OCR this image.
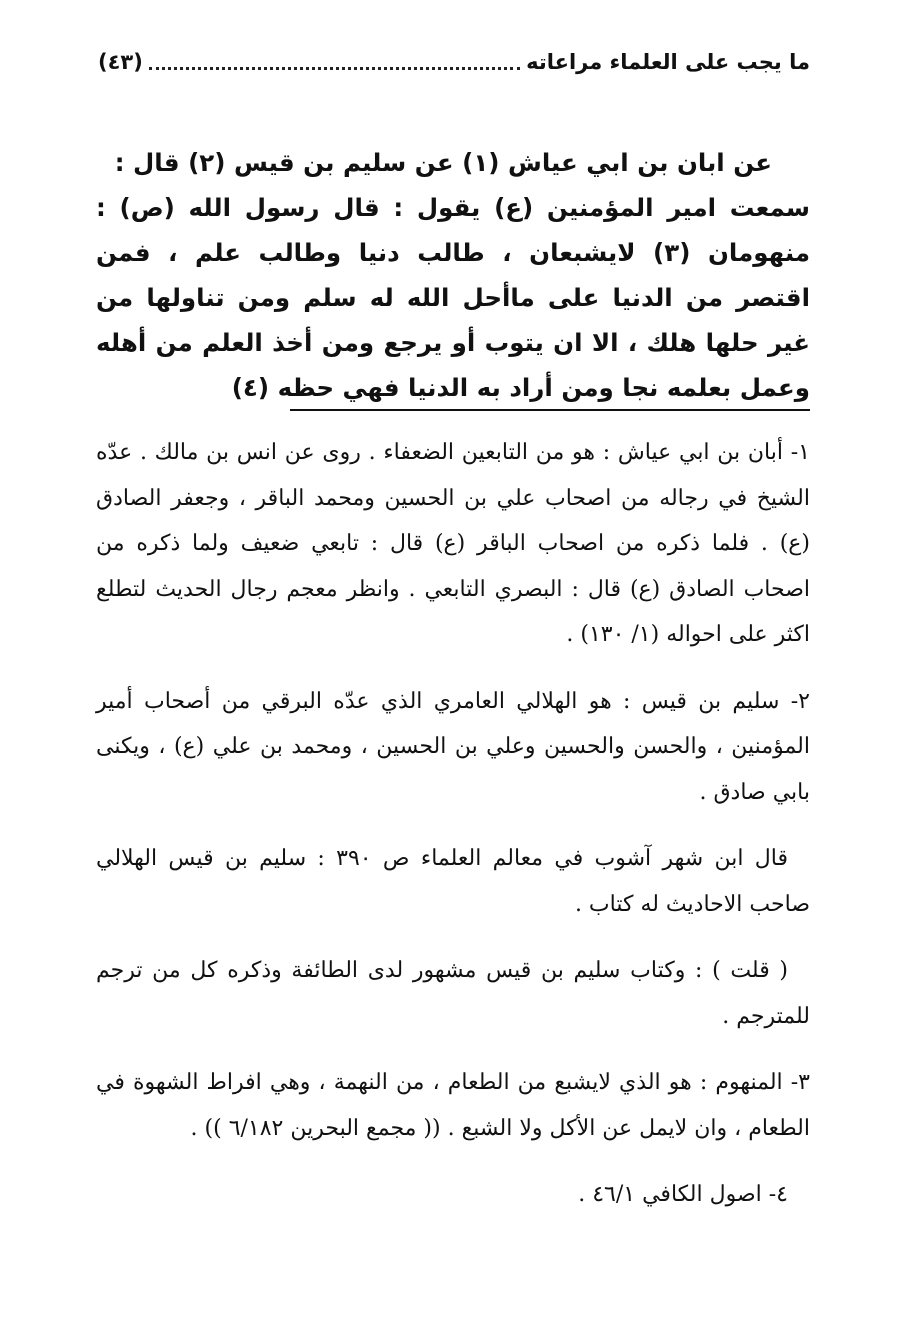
ما يجب على العلماء مراعاته
(٤٣)

عن ابان بن ابي عياش (١) عن سليم بن قيس (٢) قال :

سمعت امير المؤمنين (ع) يقول : قال رسول الله (ص) : منهومان (٣) لايشبعان ، طالب دنيا وطالب علم ، فمن اقتصر من الدنيا على ماأحل الله له سلم ومن تناولها من غير حلها هلك ، الا ان يتوب أو يرجع ومن أخذ العلم من أهله وعمل بعلمه نجا ومن أراد به الدنيا فهي حظه (٤)

١- أبان بن ابي عياش : هو من التابعين الضعفاء . روى عن انس بن مالك . عدّه الشيخ في رجاله من اصحاب علي بن الحسين ومحمد الباقر ، وجعفر الصادق (ع) . فلما ذكره من اصحاب الباقر (ع) قال : تابعي ضعيف ولما ذكره من اصحاب الصادق (ع) قال : البصري التابعي . وانظر معجم رجال الحديث لتطلع اكثر على احواله (١/ ١٣٠) .

٢- سليم بن قيس : هو الهلالي العامري الذي عدّه البرقي من أصحاب أمير المؤمنين ، والحسن والحسين وعلي بن الحسين ، ومحمد بن علي (ع) ، ويكنى بابي صادق .

قال ابن شهر آشوب في معالم العلماء ص ٣٩٠ : سليم بن قيس الهلالي صاحب الاحاديث له كتاب .

( قلت ) : وكتاب سليم بن قيس مشهور لدى الطائفة وذكره كل من ترجم للمترجم .

٣- المنهوم : هو الذي لايشبع من الطعام ، من النهمة ، وهي افراط الشهوة في الطعام ، وان لايمل عن الأكل ولا الشبع . (( مجمع البحرين ٦/١٨٢ )) .

٤- اصول الكافي ٤٦/١ .
